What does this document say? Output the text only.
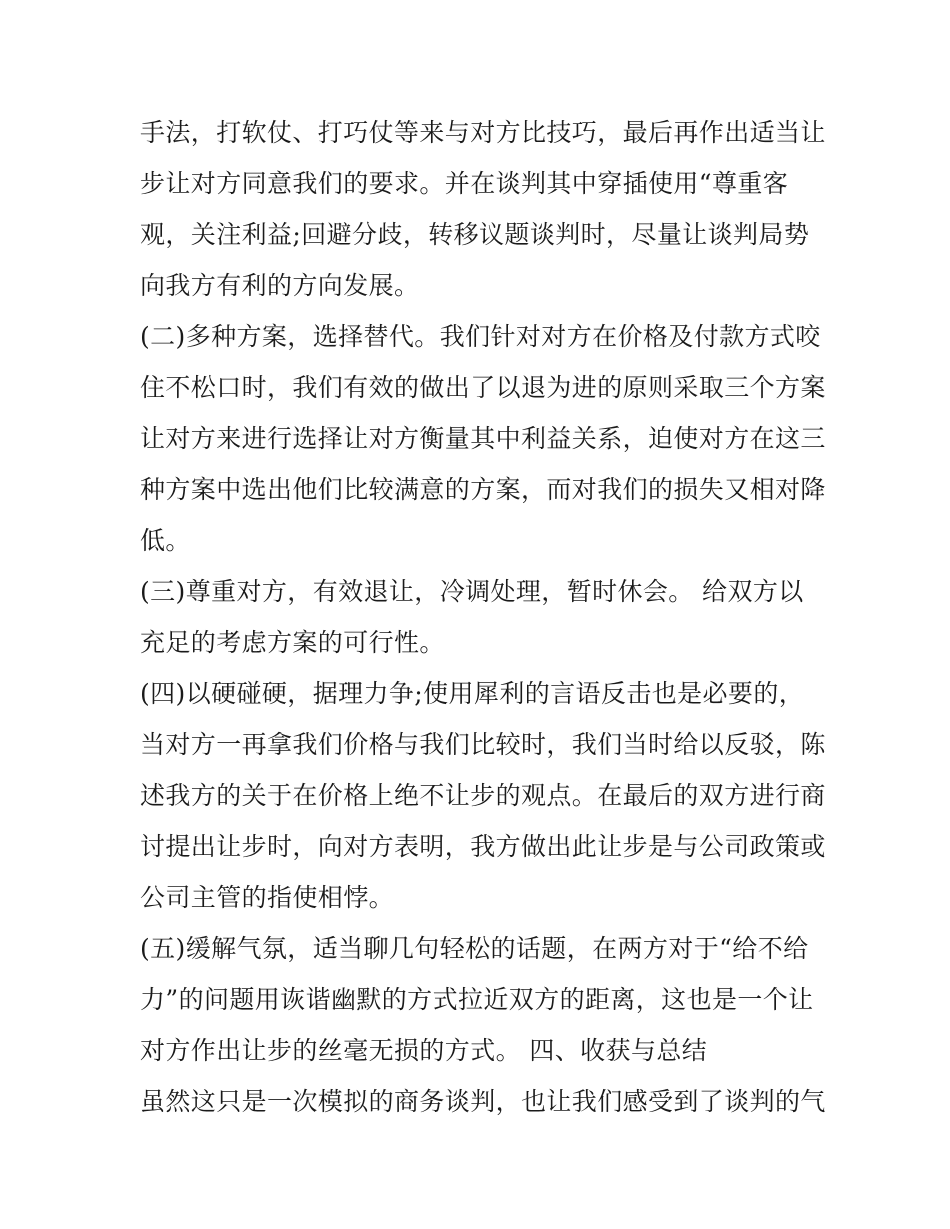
手法，打软仗、打巧仗等来与对方比技巧，最后再作出适当让
步让对方同意我们的要求。并在谈判其中穿插使用“尊重客
观，关注利益;回避分歧，转移议题谈判时，尽量让谈判局势
向我方有利的方向发展。
(二)多种方案，选择替代。我们针对对方在价格及付款方式咬
住不松口时，我们有效的做出了以退为进的原则采取三个方案
让对方来进行选择让对方衡量其中利益关系，迫使对方在这三
种方案中选出他们比较满意的方案，而对我们的损失又相对降
低。
(三)尊重对方，有效退让，冷调处理，暂时休会。 给双方以
充足的考虑方案的可行性。
(四)以硬碰硬，据理力争;使用犀利的言语反击也是必要的，
当对方一再拿我们价格与我们比较时，我们当时给以反驳，陈
述我方的关于在价格上绝不让步的观点。在最后的双方进行商
讨提出让步时，向对方表明，我方做出此让步是与公司政策或
公司主管的指使相悖。
(五)缓解气氛，适当聊几句轻松的话题，在两方对于“给不给
力”的问题用诙谐幽默的方式拉近双方的距离，这也是一个让
对方作出让步的丝毫无损的方式。 四、收获与总结
虽然这只是一次模拟的商务谈判，也让我们感受到了谈判的气
